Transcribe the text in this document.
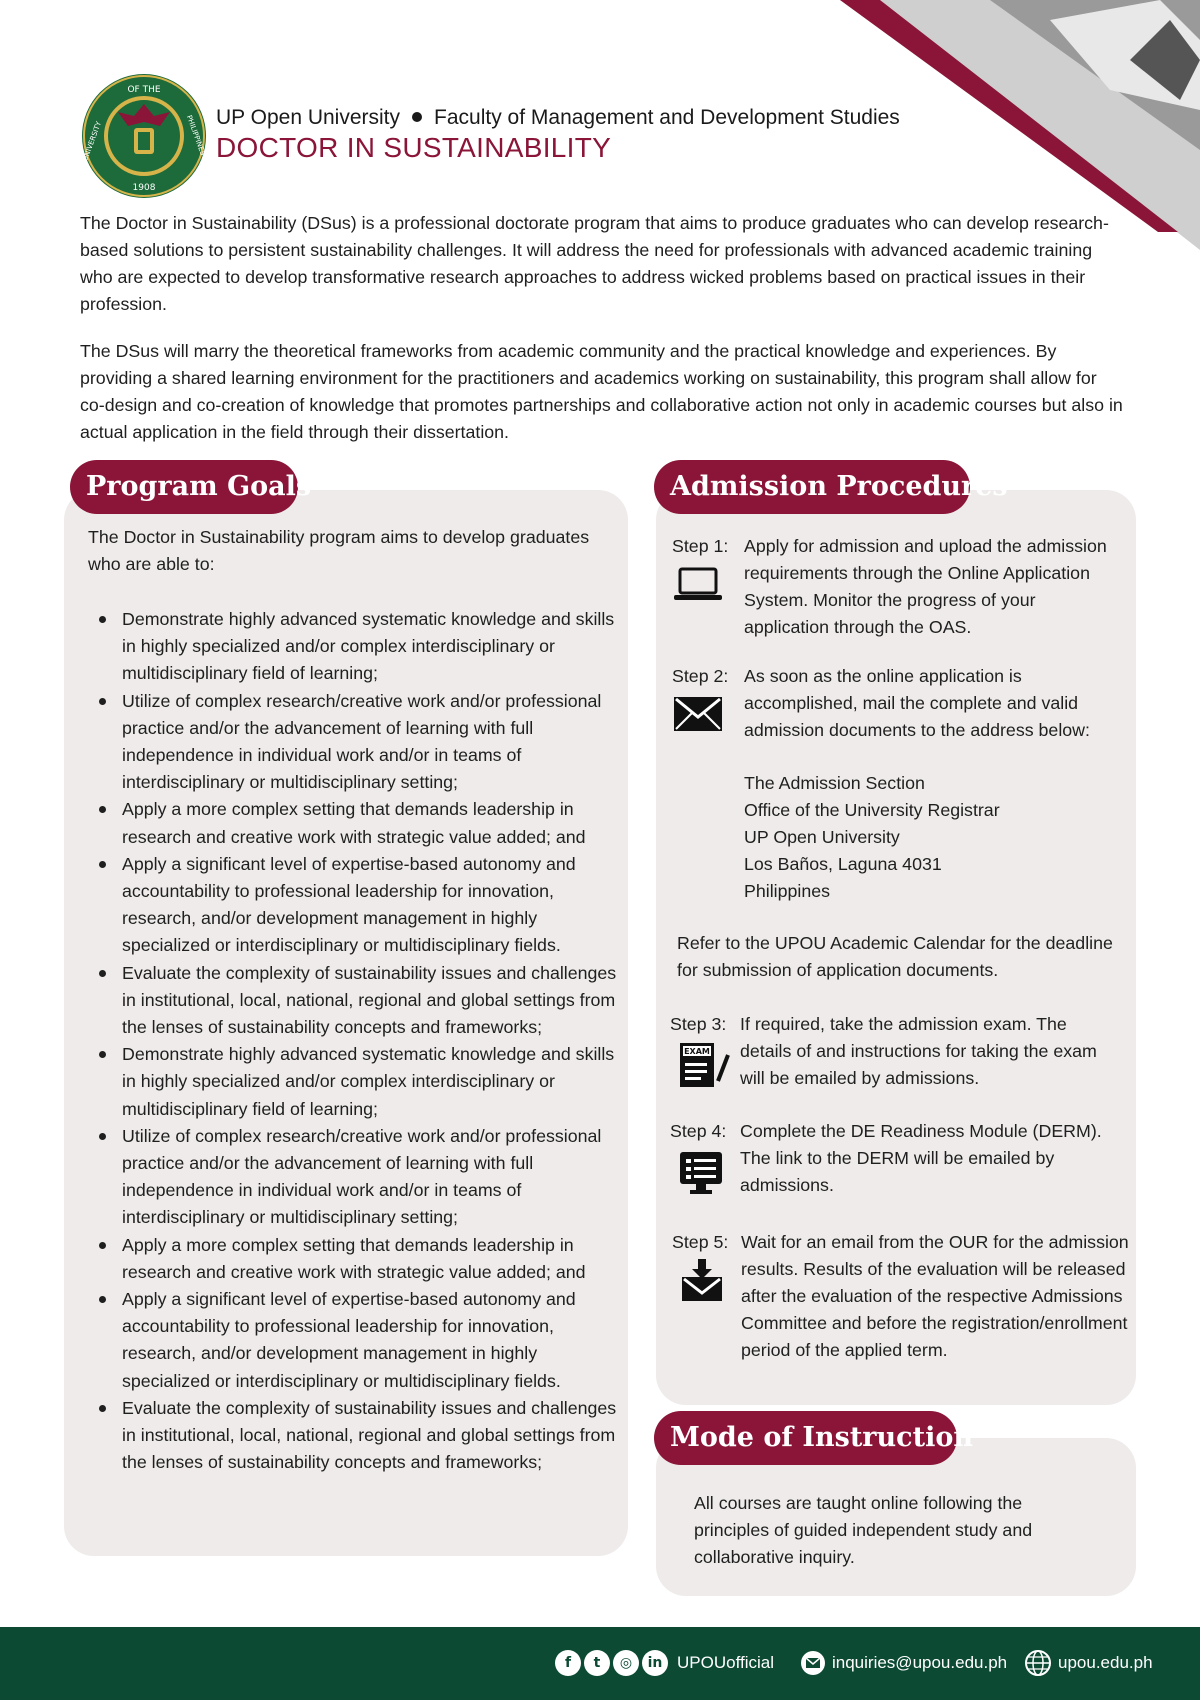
OF THE
UNIVERSITY	PHILIPPINES
1908
UP Open University Faculty of Management and Development Studies
DOCTOR IN SUSTAINABILITY

The Doctor in Sustainability (DSus) is a professional doctorate program that aims to produce graduates who can develop research-based solutions to persistent sustainability challenges. It will address the need for professionals with advanced academic training who are expected to develop transformative research approaches to address wicked problems based on practical issues in their profession.

The DSus will marry the theoretical frameworks from academic community and the practical knowledge and experiences. By providing a shared learning environment for the practitioners and academics working on sustainability, this program shall allow for co-design and co-creation of knowledge that promotes partnerships and collaborative action not only in academic courses but also in actual application in the field through their dissertation.

Program Goals

The Doctor in Sustainability program aims to develop graduates who are able to:

Demonstrate highly advanced systematic knowledge and skills in highly specialized and/or complex interdisciplinary or multidisciplinary field of learning;
Utilize of complex research/creative work and/or professional practice and/or the advancement of learning with full independence in individual work and/or in teams of interdisciplinary or multidisciplinary setting;
Apply a more complex setting that demands leadership in research and creative work with strategic value added; and
Apply a significant level of expertise-based autonomy and accountability to professional leadership for innovation, research, and/or development management in highly specialized or interdisciplinary or multidisciplinary fields.
Evaluate the complexity of sustainability issues and challenges in institutional, local, national, regional and global settings from the lenses of sustainability concepts and frameworks;
Demonstrate highly advanced systematic knowledge and skills in highly specialized and/or complex interdisciplinary or multidisciplinary field of learning;
Utilize of complex research/creative work and/or professional practice and/or the advancement of learning with full independence in individual work and/or in teams of interdisciplinary or multidisciplinary setting;
Apply a more complex setting that demands leadership in research and creative work with strategic value added; and
Apply a significant level of expertise-based autonomy and accountability to professional leadership for innovation, research, and/or development management in highly specialized or interdisciplinary or multidisciplinary fields.
Evaluate the complexity of sustainability issues and challenges in institutional, local, national, regional and global settings from the lenses of sustainability concepts and frameworks;
Admission Procedures
Step 1: Apply for admission and upload the admission requirements through the Online Application System. Monitor the progress of your application through the OAS.
Step 2: As soon as the online application is accomplished, mail the complete and valid admission documents to the address below:
The Admission Section
Office of the University Registrar
UP Open University
Los Baños, Laguna 4031
Philippines

Refer to the UPOU Academic Calendar for the deadline for submission of application documents.

Step 3:
EXAM
If required, take the admission exam. The details of and instructions for taking the exam will be emailed by admissions.
Step 4: Complete the DE Readiness Module (DERM). The link to the DERM will be emailed by admissions.
Step 5: Wait for an email from the OUR for the admission results. Results of the evaluation will be released after the evaluation of the respective Admissions Committee and before the registration/enrollment period of the applied term.
Mode of Instruction

All courses are taught online following the principles of guided independent study and collaborative inquiry.

f	t	◎	in UPOUofficial	inquiries@upou.edu.ph	upou.edu.ph
